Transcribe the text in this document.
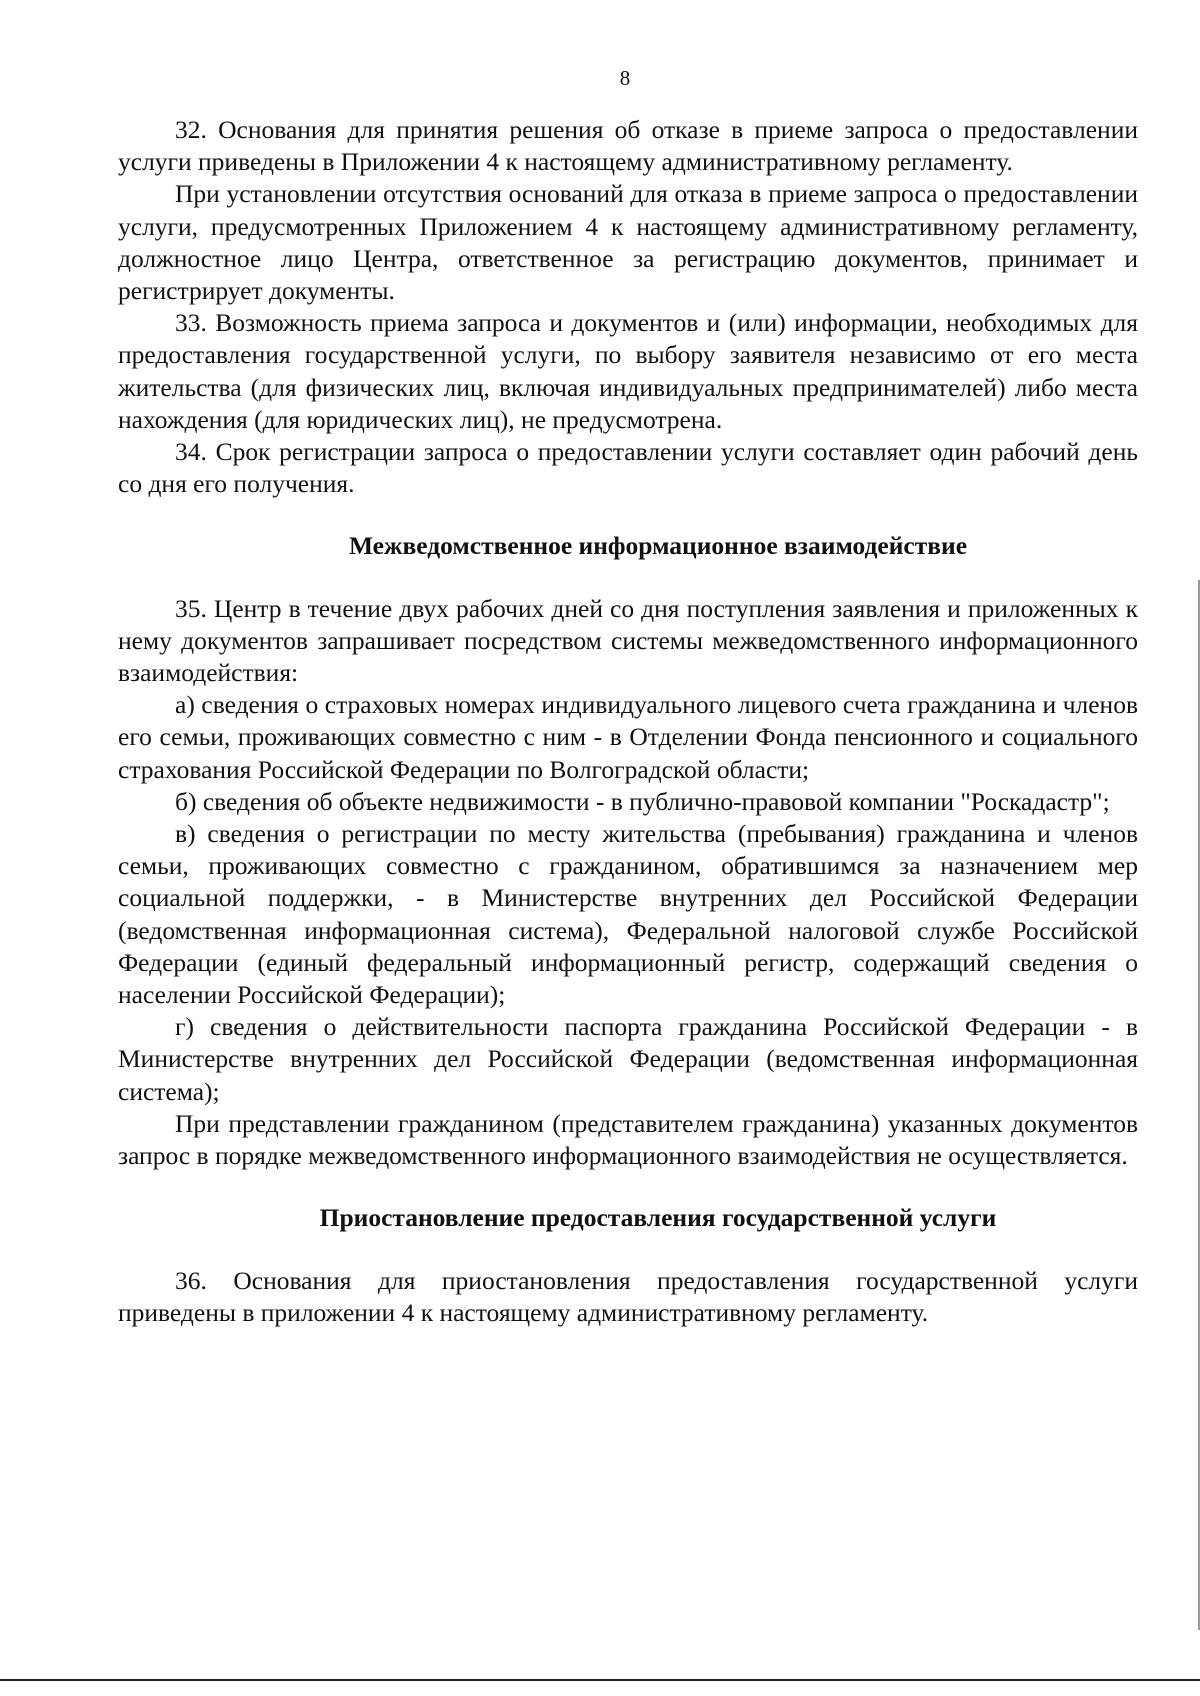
8

32. Основания для принятия решения об отказе в приеме запроса о предоставлении услуги приведены в Приложении 4 к настоящему административному регламенту.

При установлении отсутствия оснований для отказа в приеме запроса о предоставлении услуги, предусмотренных Приложением 4 к настоящему административному регламенту, должностное лицо Центра, ответственное за регистрацию документов, принимает и регистрирует документы.

33. Возможность приема запроса и документов и (или) информации, необходимых для предоставления государственной услуги, по выбору заявителя независимо от его места жительства (для физических лиц, включая индивидуальных предпринимателей) либо места нахождения (для юридических лиц), не предусмотрена.

34. Срок регистрации запроса о предоставлении услуги составляет один рабочий день со дня его получения.

Межведомственное информационное взаимодействие

35. Центр в течение двух рабочих дней со дня поступления заявления и приложенных к нему документов запрашивает посредством системы межведомственного информационного взаимодействия:

а) сведения о страховых номерах индивидуального лицевого счета гражданина и членов его семьи, проживающих совместно с ним - в Отделении Фонда пенсионного и социального страхования Российской Федерации по Волгоградской области;

б) сведения об объекте недвижимости - в публично-правовой компании "Роскадастр";

в) сведения о регистрации по месту жительства (пребывания) гражданина и членов семьи, проживающих совместно с гражданином, обратившимся за назначением мер социальной поддержки, - в Министерстве внутренних дел Российской Федерации (ведомственная информационная система), Федеральной налоговой службе Российской Федерации (единый федеральный информационный регистр, содержащий сведения о населении Российской Федерации);

г) сведения о действительности паспорта гражданина Российской Федерации - в Министерстве внутренних дел Российской Федерации (ведомственная информационная система);

При представлении гражданином (представителем гражданина) указанных документов запрос в порядке межведомственного информационного взаимодействия не осуществляется.

Приостановление предоставления государственной услуги

36. Основания для приостановления предоставления государственной услуги приведены в приложении 4 к настоящему административному регламенту.
